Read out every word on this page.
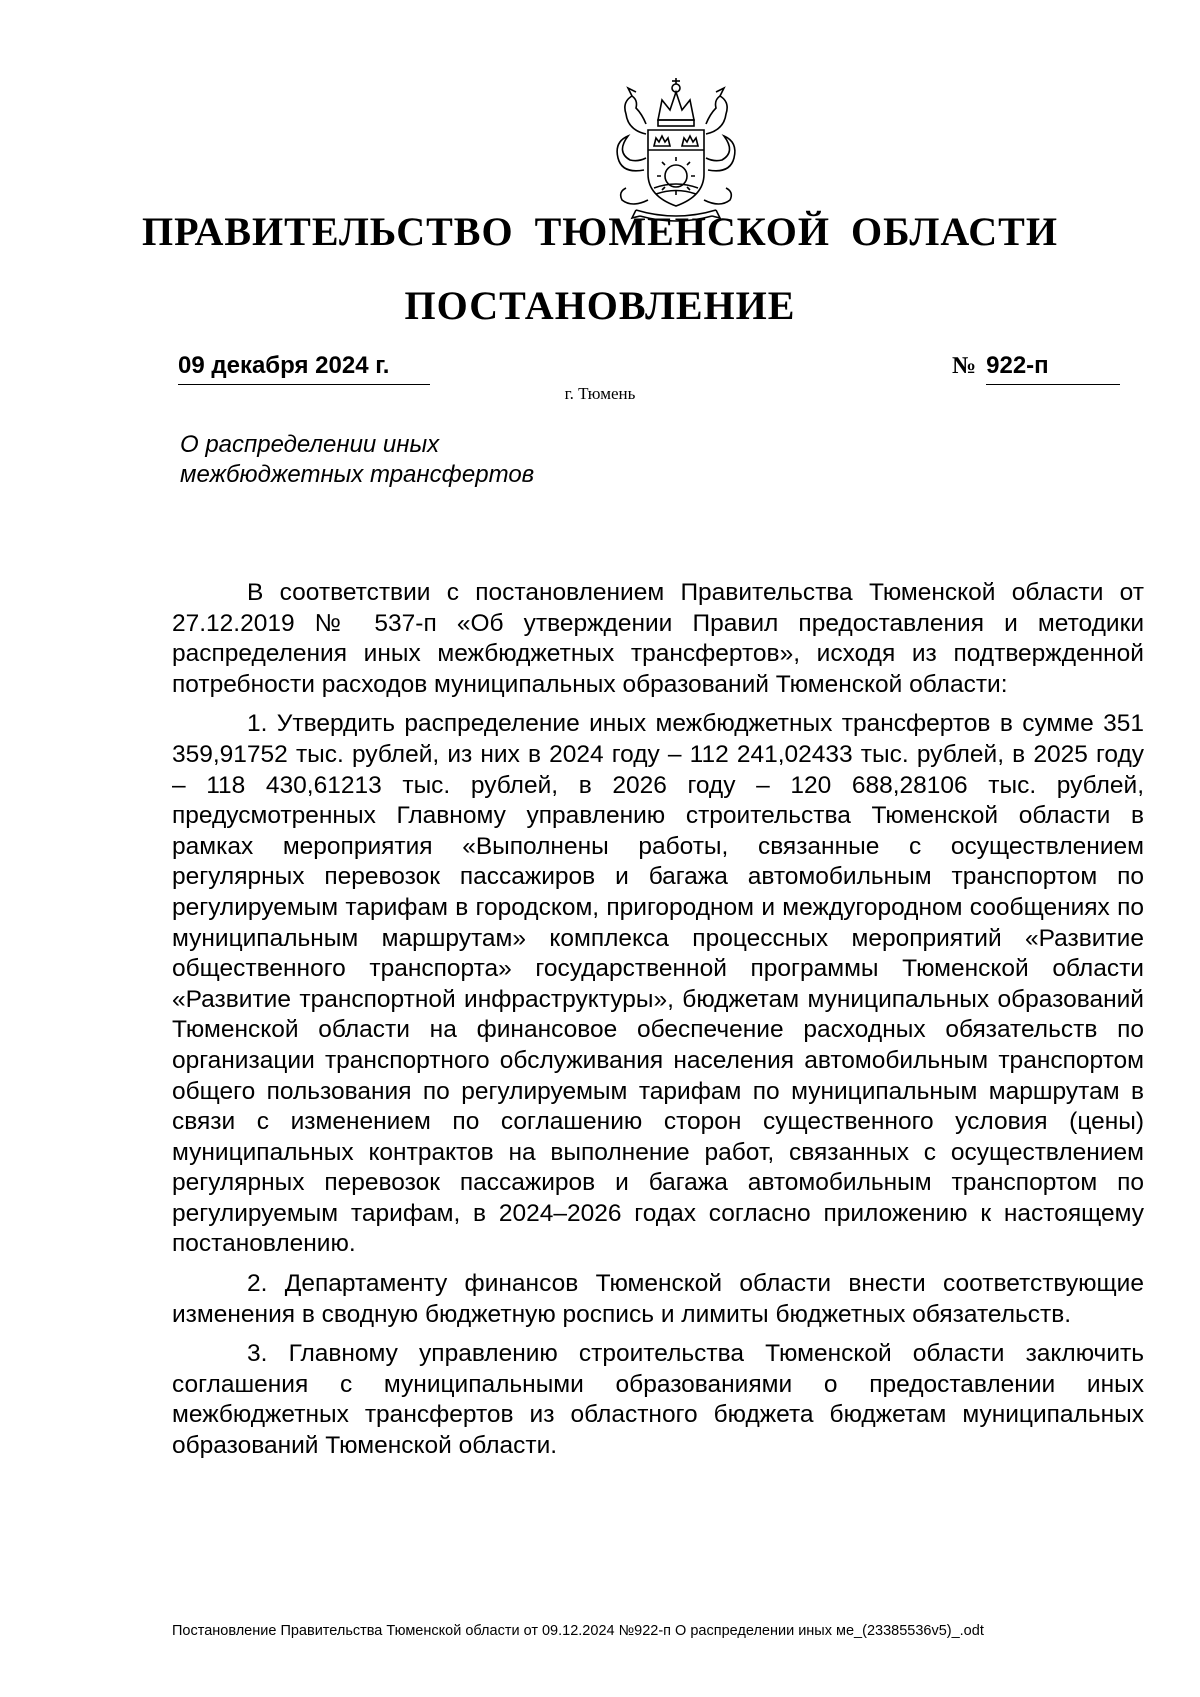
ПРАВИТЕЛЬСТВО ТЮМЕНСКОЙ ОБЛАСТИ
ПОСТАНОВЛЕНИЕ
09 декабря 2024 г.	№ 922-п
г. Тюмень
О распределении иных
межбюджетных трансфертов

В соответствии с постановлением Правительства Тюменской области от 27.12.2019 № 537-п «Об утверждении Правил предоставления и методики распределения иных межбюджетных трансфертов», исходя из подтвержденной потребности расходов муниципальных образований Тюменской области:

1. Утвердить распределение иных межбюджетных трансфертов в сумме 351 359,91752 тыс. рублей, из них в 2024 году – 112 241,02433 тыс. рублей, в 2025 году – 118 430,61213 тыс. рублей, в 2026 году – 120 688,28106 тыс. рублей, предусмотренных Главному управлению строительства Тюменской области в рамках мероприятия «Выполнены работы, связанные с осуществлением регулярных перевозок пассажиров и багажа автомобильным транспортом по регулируемым тарифам в городском, пригородном и междугородном сообщениях по муниципальным маршрутам» комплекса процессных мероприятий «Развитие общественного транспорта» государственной программы Тюменской области «Развитие транспортной инфраструктуры», бюджетам муниципальных образований Тюменской области на финансовое обеспечение расходных обязательств по организации транспортного обслуживания населения автомобильным транспортом общего пользования по регулируемым тарифам по муниципальным маршрутам в связи с изменением по соглашению сторон существенного условия (цены) муниципальных контрактов на выполнение работ, связанных с осуществлением регулярных перевозок пассажиров и багажа автомобильным транспортом по регулируемым тарифам, в 2024–2026 годах согласно приложению к настоящему постановлению.

2. Департаменту финансов Тюменской области внести соответствующие изменения в сводную бюджетную роспись и лимиты бюджетных обязательств.

3. Главному управлению строительства Тюменской области заключить соглашения с муниципальными образованиями о предоставлении иных межбюджетных трансфертов из областного бюджета бюджетам муниципальных образований Тюменской области.

Постановление Правительства Тюменской области от 09.12.2024 №922-п О распределении иных ме_(23385536v5)_.odt
